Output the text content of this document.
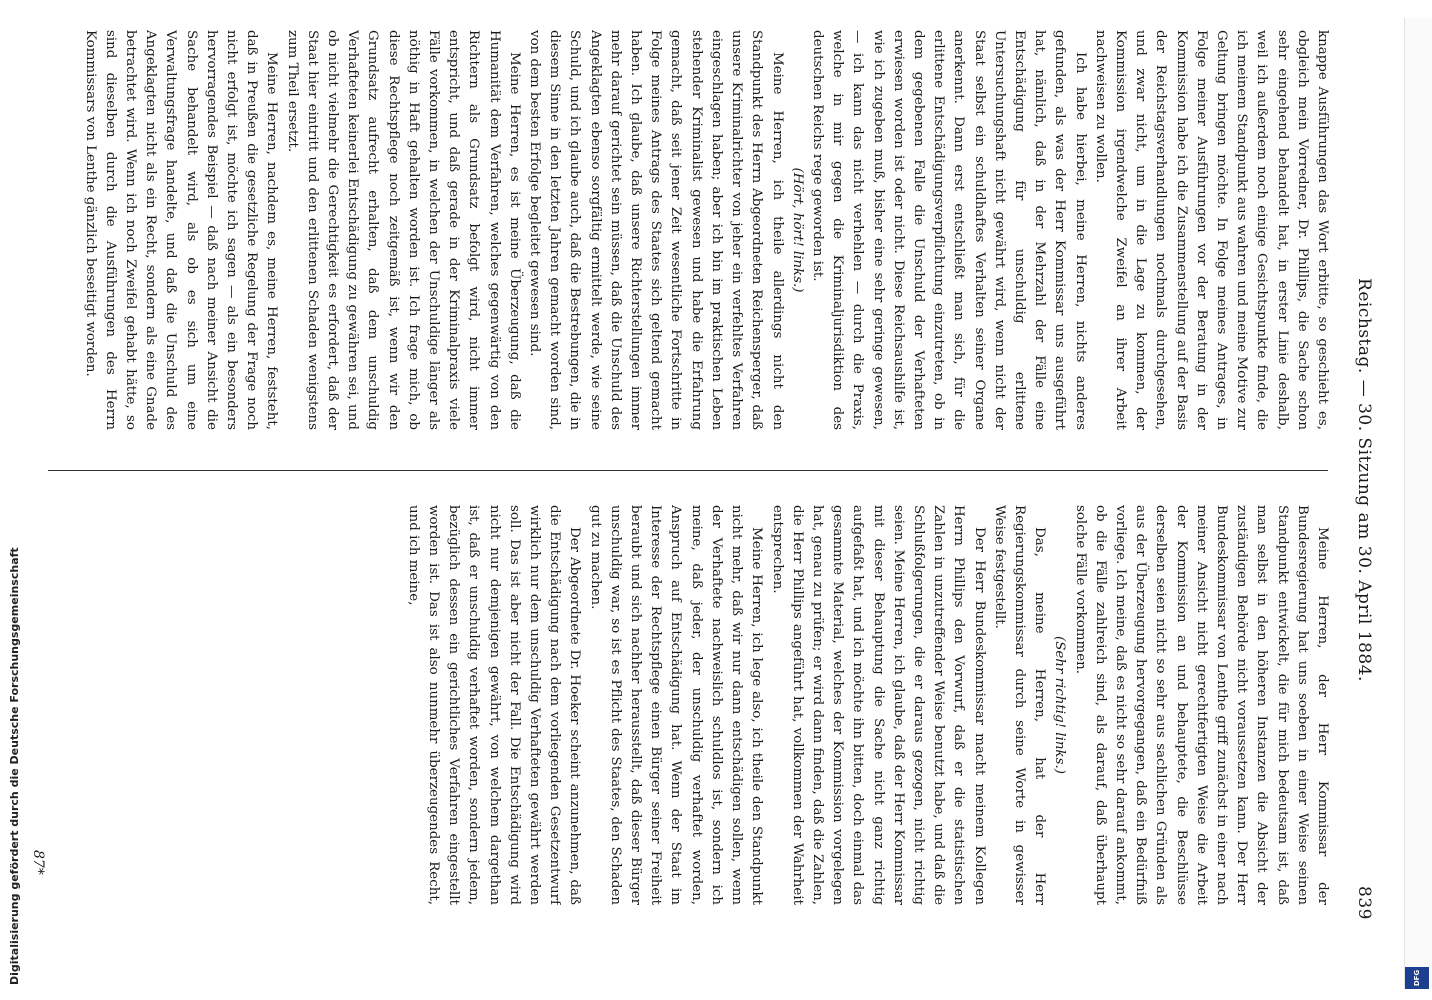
Reichstag. — 30. Sitzung am 30. April 1884.
839

knappe Ausführungen das Wort erbitte, so geschieht es, obgleich mein Vorredner, Dr. Phillips, die Sache schon sehr eingehend behandelt hat, in erster Linie deshalb, weil ich außerdem noch einige Gesichtspunkte finde, die ich meinem Standpunkt aus wahren und meine Motive zur Geltung bringen möchte. In Folge meines Antrages, in Folge meiner Ausführungen vor der Beratung in der Kommission habe ich die Zusammenstellung auf der Basis der Reichstagsverhandlungen nochmals durchgesehen, und zwar nicht, um in die Lage zu kommen, der Kommission irgendwelche Zweifel an ihrer Arbeit nachweisen zu wollen.

Ich habe hierbei, meine Herren, nichts anderes gefunden, als was der Herr Kommissar uns ausgeführt hat, nämlich, daß in der Mehrzahl der Fälle eine Entschädigung für unschuldig erlittene Untersuchungshaft nicht gewährt wird, wenn nicht der Staat selbst ein schuldhaftes Verhalten seiner Organe anerkennt. Dann erst entschließt man sich, für die erlittene Entschädigungsverpflichtung einzutreten, ob in dem gegebenen Falle die Unschuld der Verhafteten erwiesen worden ist oder nicht. Diese Reichsaushilfe ist, wie ich zugeben muß, bisher eine sehr geringe gewesen, — ich kann das nicht verhehlen — durch die Praxis, welche in mir gegen die Kriminaljurisdiktion des deutschen Reichs rege geworden ist.

(Hört, hört! links.)

Meine Herren, ich theile allerdings nicht den Standpunkt des Herrn Abgeordneten Reichensperger, daß unsere Kriminalrichter von jeher ein verfehltes Verfahren eingeschlagen haben; aber ich bin im praktischen Leben stehender Kriminalist gewesen und habe die Erfahrung gemacht, daß seit jener Zeit wesentliche Fortschritte in Folge meines Antrags des Staates sich geltend gemacht haben. Ich glaube, daß unsere Richterstellungen immer mehr darauf gerichtet sein müssen, daß die Unschuld des Angeklagten ebenso sorgfältig ermittelt werde, wie seine Schuld, und ich glaube auch, daß die Bestrebungen, die in diesem Sinne in den letzten Jahren gemacht worden sind, von dem besten Erfolge begleitet gewesen sind.

Meine Herren, es ist meine Überzeugung, daß die Humanität dem Verfahren, welches gegenwärtig von den Richtern als Grundsatz befolgt wird, nicht immer entspricht, und daß gerade in der Kriminalpraxis viele Fälle vorkommen, in welchen der Unschuldige länger als nöthig in Haft gehalten worden ist. Ich frage mich, ob diese Rechtspflege noch zeitgemäß ist, wenn wir den Grundsatz aufrecht erhalten, daß dem unschuldig Verhafteten keinerlei Entschädigung zu gewähren sei, und ob nicht vielmehr die Gerechtigkeit es erfordert, daß der Staat hier eintritt und den erlittenen Schaden wenigstens zum Theil ersetzt.

Meine Herren, nachdem es, meine Herren, feststeht, daß in Preußen die gesetzliche Regelung der Frage noch nicht erfolgt ist, möchte ich sagen — als ein besonders hervorragendes Beispiel — daß nach meiner Ansicht die Sache behandelt wird, als ob es sich um eine Verwaltungsfrage handelte, und daß die Unschuld des Angeklagten nicht als ein Recht, sondern als eine Gnade betrachtet wird. Wenn ich noch Zweifel gehabt hätte, so sind dieselben durch die Ausführungen des Herrn Kommissars von Lenthe gänzlich beseitigt worden.

Meine Herren, der Herr Kommissar der Bundesregierung hat uns soeben in einer Weise seinen Standpunkt entwickelt, die für mich bedeutsam ist, daß man selbst in den höheren Instanzen die Absicht der zuständigen Behörde nicht voraussetzen kann. Der Herr Bundeskommissar von Lenthe griff zunächst in einer nach meiner Ansicht nicht gerechtfertigten Weise die Arbeit der Kommission an und behauptete, die Beschlüsse derselben seien nicht so sehr aus sachlichen Gründen als aus der Überzeugung hervorgegangen, daß ein Bedürfniß vorliege. Ich meine, daß es nicht so sehr darauf ankommt, ob die Fälle zahlreich sind, als darauf, daß überhaupt solche Fälle vorkommen.

(Sehr richtig! links.)

Das, meine Herren, hat der Herr Regierungskommissar durch seine Worte in gewisser Weise festgestellt.

Der Herr Bundeskommissar macht meinem Kollegen Herrn Phillips den Vorwurf, daß er die statistischen Zahlen in unzutreffender Weise benutzt habe, und daß die Schlußfolgerungen, die er daraus gezogen, nicht richtig seien. Meine Herren, ich glaube, daß der Herr Kommissar mit dieser Behauptung die Sache nicht ganz richtig aufgefaßt hat, und ich möchte ihn bitten, doch einmal das gesammte Material, welches der Kommission vorgelegen hat, genau zu prüfen; er wird dann finden, daß die Zahlen, die Herr Phillips angeführt hat, vollkommen der Wahrheit entsprechen.

Meine Herren, ich lege also, ich theile den Standpunkt nicht mehr, daß wir nur dann entschädigen sollen, wenn der Verhaftete nachweislich schuldlos ist, sondern ich meine, daß jeder, der unschuldig verhaftet worden, Anspruch auf Entschädigung hat. Wenn der Staat im Interesse der Rechtspflege einen Bürger seiner Freiheit beraubt und sich nachher herausstellt, daß dieser Bürger unschuldig war, so ist es Pflicht des Staates, den Schaden gut zu machen.

Der Abgeordnete Dr. Hoeker scheint anzunehmen, daß die Entschädigung nach dem vorliegenden Gesetzentwurf wirklich nur dem unschuldig Verhafteten gewährt werden soll. Das ist aber nicht der Fall. Die Entschädigung wird nicht nur demjenigen gewährt, von welchem dargethan ist, daß er unschuldig verhaftet worden, sondern jedem, bezüglich dessen ein gerichtliches Verfahren eingestellt worden ist. Das ist also nunmehr überzeugendes Recht, und ich meine,

87*
Digitalisierung gefördert durch die Deutsche Forschungsgemeinschaft	DFG
